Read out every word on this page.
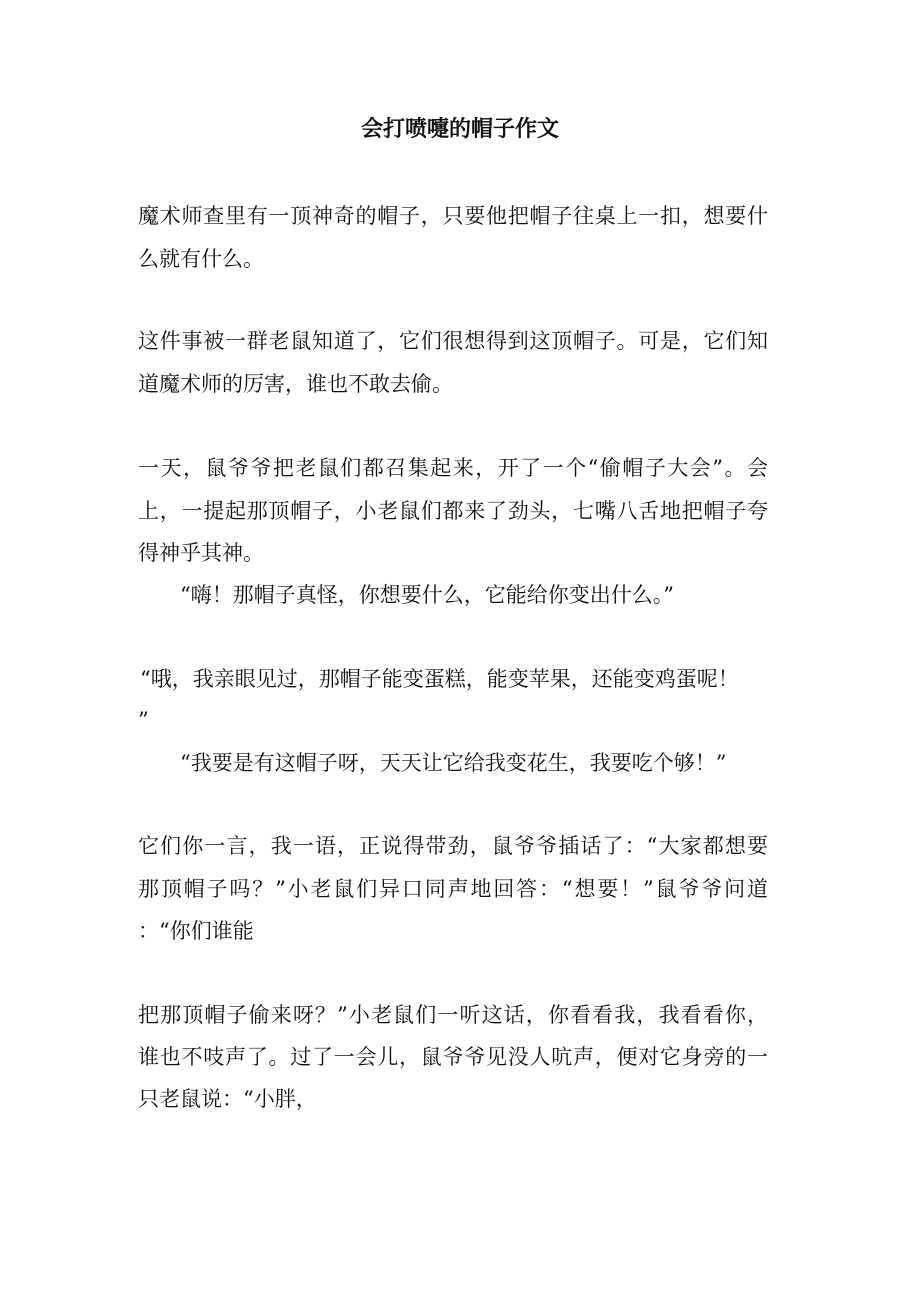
会打喷嚏的帽子作文
魔术师查里有一顶神奇的帽子，只要他把帽子往桌上一扣，想要什
么就有什么。
这件事被一群老鼠知道了，它们很想得到这顶帽子。可是，它们知
道魔术师的厉害，谁也不敢去偷。
一天，鼠爷爷把老鼠们都召集起来，开了一个“偷帽子大会”。会
上，一提起那顶帽子，小老鼠们都来了劲头，七嘴八舌地把帽子夸
得神乎其神。
“嗨！那帽子真怪，你想要什么，它能给你变出什么。”
“哦，我亲眼见过，那帽子能变蛋糕，能变苹果，还能变鸡蛋呢！
”
“我要是有这帽子呀，天天让它给我变花生，我要吃个够！”
它们你一言，我一语，正说得带劲，鼠爷爷插话了：“大家都想要
那顶帽子吗？”小老鼠们异口同声地回答：“想要！”鼠爷爷问道
：“你们谁能
把那顶帽子偷来呀？”小老鼠们一听这话，你看看我，我看看你，
谁也不吱声了。过了一会儿，鼠爷爷见没人吭声，便对它身旁的一
只老鼠说：“小胖，
